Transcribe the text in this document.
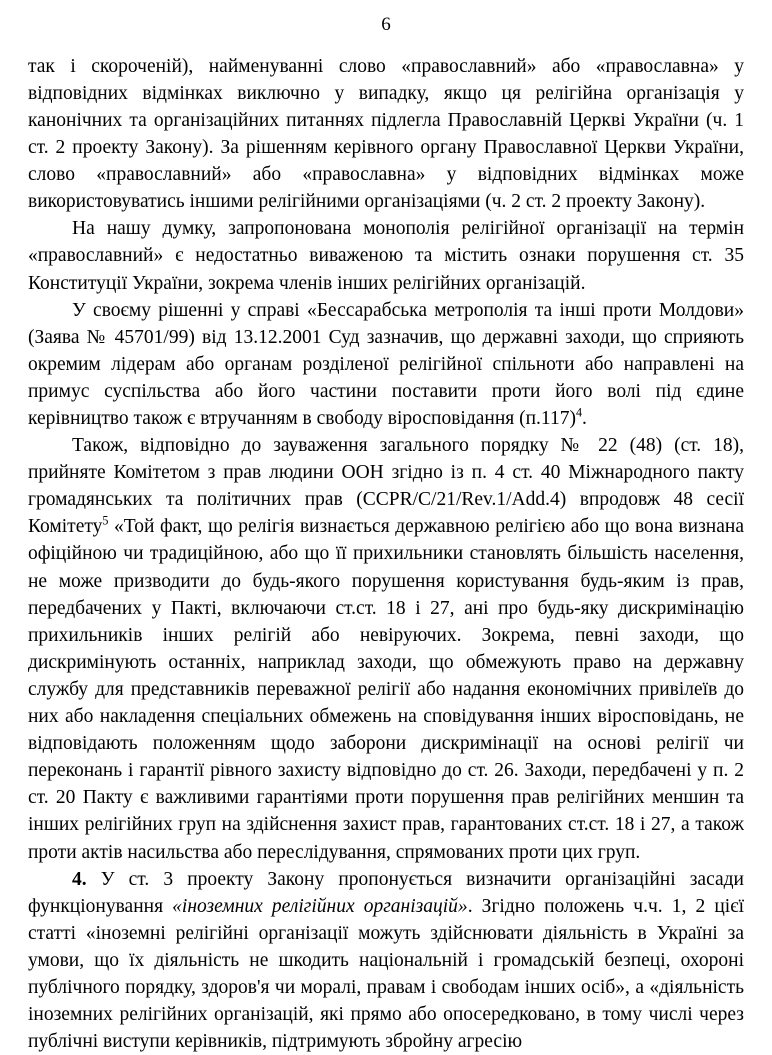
6
так і скороченій), найменуванні слово «православний» або «православна» у відповідних відмінках виключно у випадку, якщо ця релігійна організація у канонічних та організаційних питаннях підлегла Православній Церкві України (ч. 1 ст. 2 проекту Закону). За рішенням керівного органу Православної Церкви України, слово «православний» або «православна» у відповідних відмінках може використовуватись іншими релігійними організаціями (ч. 2 ст. 2 проекту Закону).
На нашу думку, запропонована монополія релігійної організації на термін «православний» є недостатньо виваженою та містить ознаки порушення ст. 35 Конституції України, зокрема членів інших релігійних організацій.
У своєму рішенні у справі «Бессарабська метрополія та інші проти Молдови» (Заява № 45701/99) від 13.12.2001 Суд зазначив, що державні заходи, що сприяють окремим лідерам або органам розділеної релігійної спільноти або направлені на примус суспільства або його частини поставити проти його волі під єдине керівництво також є втручанням в свободу віросповідання $(п.117)^4$.
Також, відповідно до зауваження загального порядку № 22 (48) (ст. 18), прийняте Комітетом з прав людини ООН згідно із п. 4 ст. 40 Міжнародного пакту громадянських та політичних прав (CCPR/C/21/Rev.1/Add.4) впродовж 48 сесії Комітету$^5$ «Той факт, що релігія визнається державною релігією або що вона визнана офіційною чи традиційною, або що її прихильники становлять більшість населення, не може призводити до будь-якого порушення користування будь-яким із прав, передбачених у Пакті, включаючи ст.ст. 18 і 27, ані про будь-яку дискримінацію прихильників інших релігій або невіруючих. Зокрема, певні заходи, що дискримінують останніх, наприклад заходи, що обмежують право на державну службу для представників переважної релігії або надання економічних привілеїв до них або накладення спеціальних обмежень на сповідування інших віросповідань, не відповідають положенням щодо заборони дискримінації на основі релігії чи переконань і гарантії рівного захисту відповідно до ст. 26. Заходи, передбачені у п. 2 ст. 20 Пакту є важливими гарантіями проти порушення прав релігійних меншин та інших релігійних груп на здійснення захист прав, гарантованих ст.ст. 18 і 27, а також проти актів насильства або переслідування, спрямованих проти цих груп.
4. У ст. 3 проекту Закону пропонується визначити організаційні засади функціонування «іноземних релігійних організацій». Згідно положень ч.ч. 1, 2 цієї статті «іноземні релігійні організації можуть здійснювати діяльність в Україні за умови, що їх діяльність не шкодить національній і громадській безпеці, охороні публічного порядку, здоров'я чи моралі, правам і свободам інших осіб», а «діяльність іноземних релігійних організацій, які прямо або опосередковано, в тому числі через публічні виступи керівників, підтримують збройну агресію
